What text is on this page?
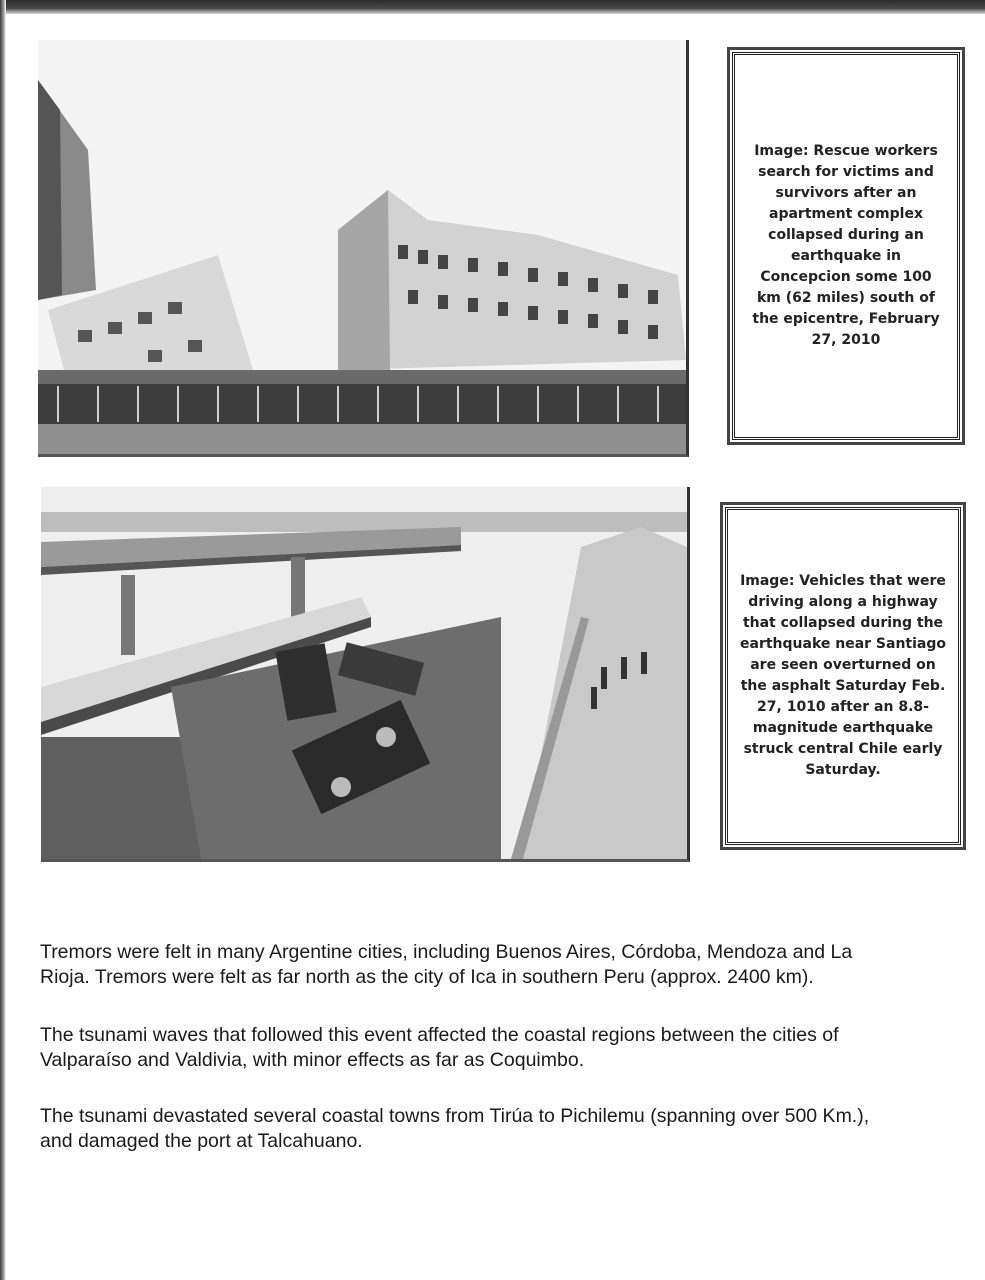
Image: Rescue workers search for victims and survivors after an apartment complex collapsed during an earthquake in Concepcion some 100 km (62 miles) south of the epicentre, February 27, 2010
Image: Vehicles that were driving along a highway that collapsed during the earthquake near Santiago are seen overturned on the asphalt Saturday Feb. 27, 1010 after an 8.8-magnitude earthquake struck central Chile early Saturday.

Tremors were felt in many Argentine cities, including Buenos Aires, Córdoba, Mendoza and La

Rioja. Tremors were felt as far north as the city of Ica in southern Peru (approx. 2400 km).

The tsunami waves that followed this event affected the coastal regions between the cities of

Valparaíso and Valdivia, with minor effects as far as Coquimbo.

The tsunami devastated several coastal towns from Tirúa to Pichilemu (spanning over 500 Km.),

and damaged the port at Talcahuano.
